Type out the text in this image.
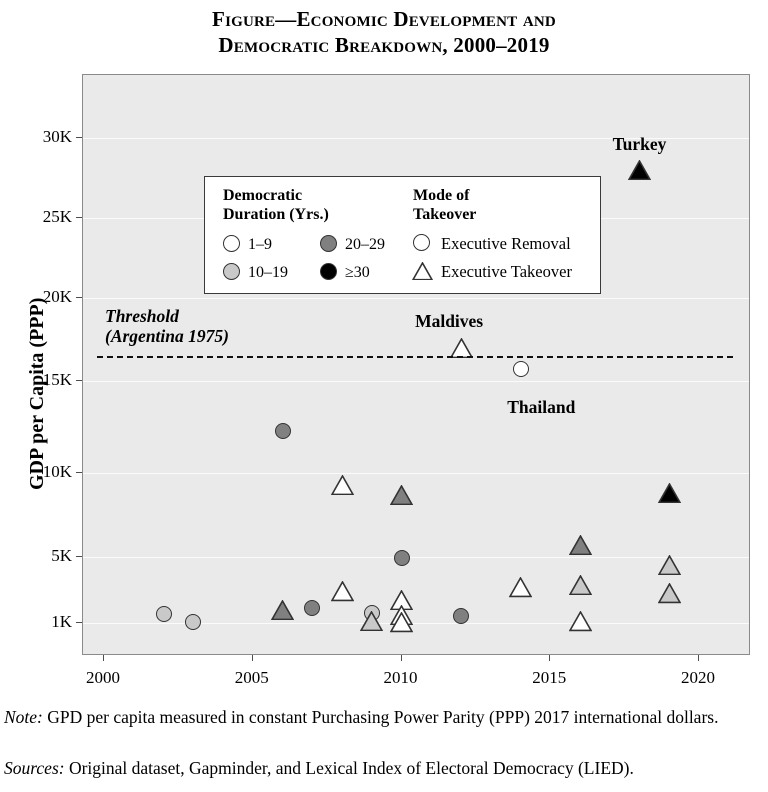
Figure—Economic Development and
Democratic Breakdown, 2000–2019
Threshold
(Argentina 1975)
Turkey
Maldives
Thailand
Democratic
Duration (Yrs.)
Mode of
Takeover
1–9
10–19
20–29
≥30
Executive Removal
Executive Takeover
GDP per Capita (PPP)
30K
25K
20K
15K
10K
5K
1K
2000	2005	2010	2015	2020
Note: GPD per capita measured in constant Purchasing Power Parity (PPP) 2017 international dollars.
Sources: Original dataset, Gapminder, and Lexical Index of Electoral Democracy (LIED).
